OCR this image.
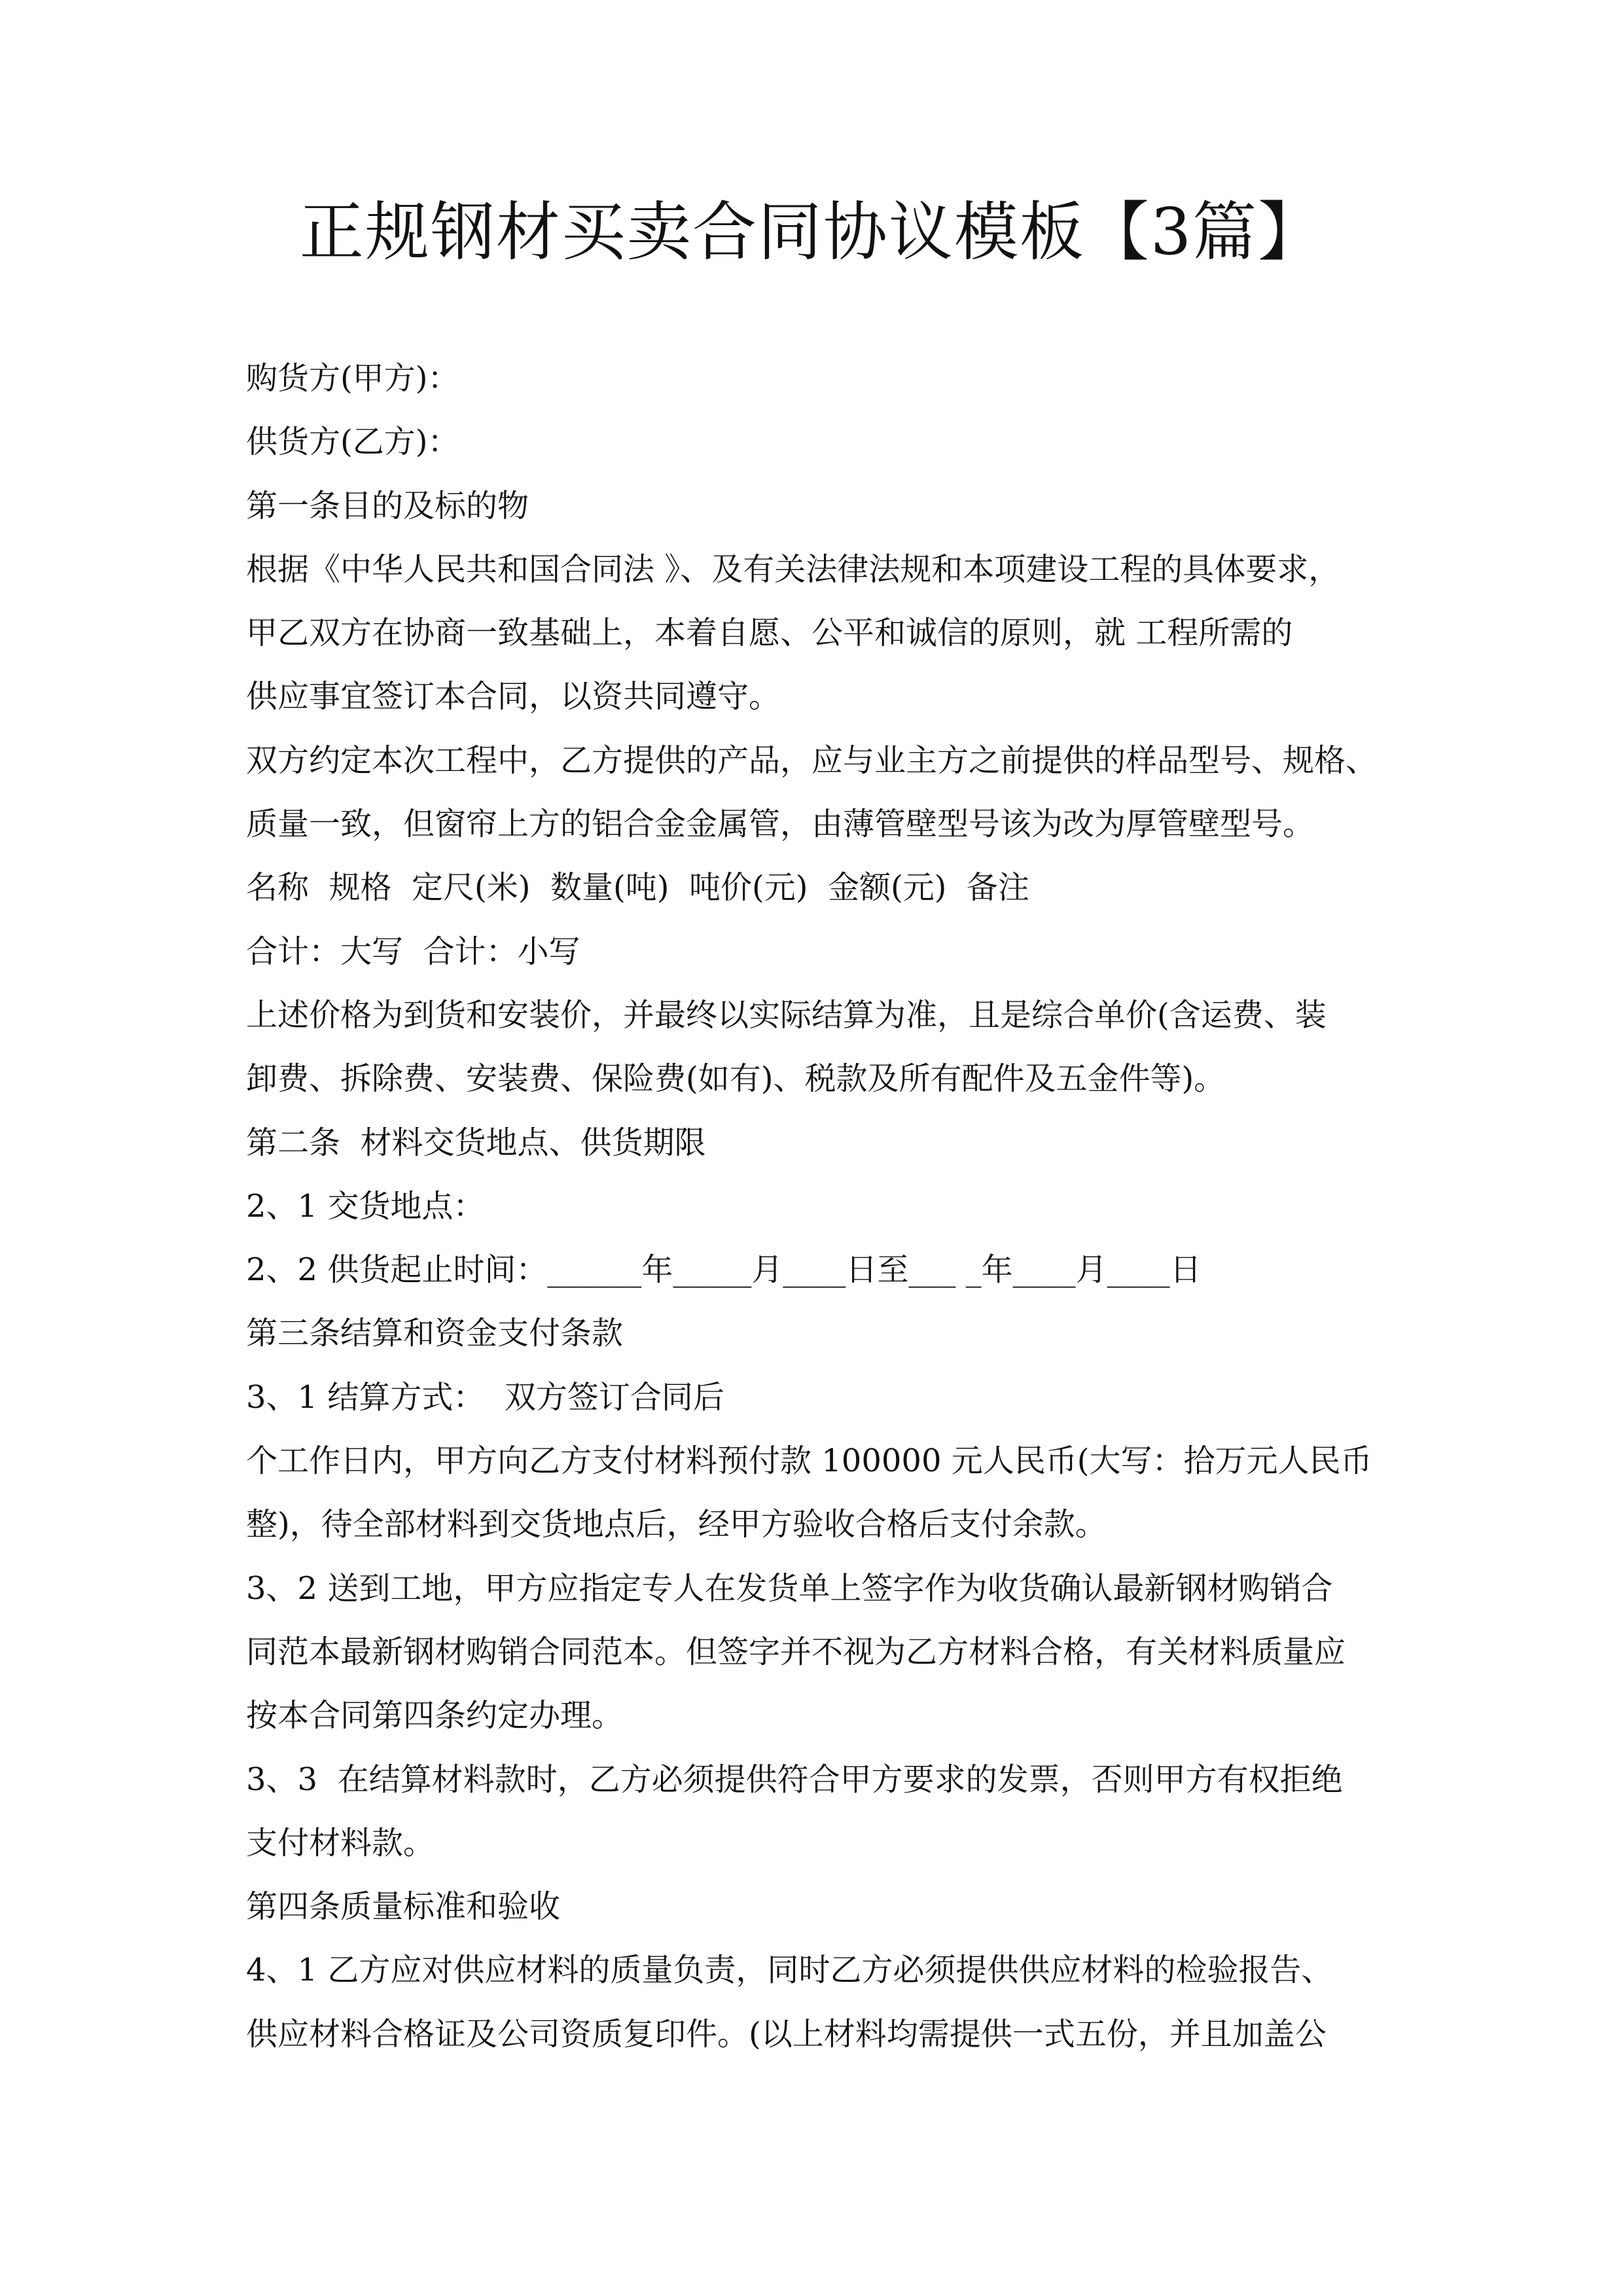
正规钢材买卖合同协议模板【3篇】
购货方(甲方)：
供货方(乙方)：
第一条目的及标的物
根据《中华人民共和国合同法 》、及有关法律法规和本项建设工程的具体要求，
甲乙双方在协商一致基础上，本着自愿、公平和诚信的原则，就 工程所需的
供应事宜签订本合同，以资共同遵守。
双方约定本次工程中，乙方提供的产品，应与业主方之前提供的样品型号、规格、
质量一致，但窗帘上方的铝合金金属管，由薄管壁型号该为改为厚管壁型号。
名称  规格  定尺(米)  数量(吨)  吨价(元)  金额(元)  备注
合计：大写  合计：小写
上述价格为到货和安装价，并最终以实际结算为准，且是综合单价(含运费、装
卸费、拆除费、安装费、保险费(如有)、税款及所有配件及五金件等)。
第二条  材料交货地点、供货期限
2、1 交货地点：
2、2 供货起止时间：______年_____月____日至___ _年____月____日
第三条结算和资金支付条款
3、1 结算方式：  双方签订合同后
个工作日内，甲方向乙方支付材料预付款 100000 元人民币(大写：拾万元人民币
整)，待全部材料到交货地点后，经甲方验收合格后支付余款。
3、2 送到工地，甲方应指定专人在发货单上签字作为收货确认最新钢材购销合
同范本最新钢材购销合同范本。但签字并不视为乙方材料合格，有关材料质量应
按本合同第四条约定办理。
3、3  在结算材料款时，乙方必须提供符合甲方要求的发票，否则甲方有权拒绝
支付材料款。
第四条质量标准和验收
4、1 乙方应对供应材料的质量负责，同时乙方必须提供供应材料的检验报告、
供应材料合格证及公司资质复印件。(以上材料均需提供一式五份，并且加盖公
